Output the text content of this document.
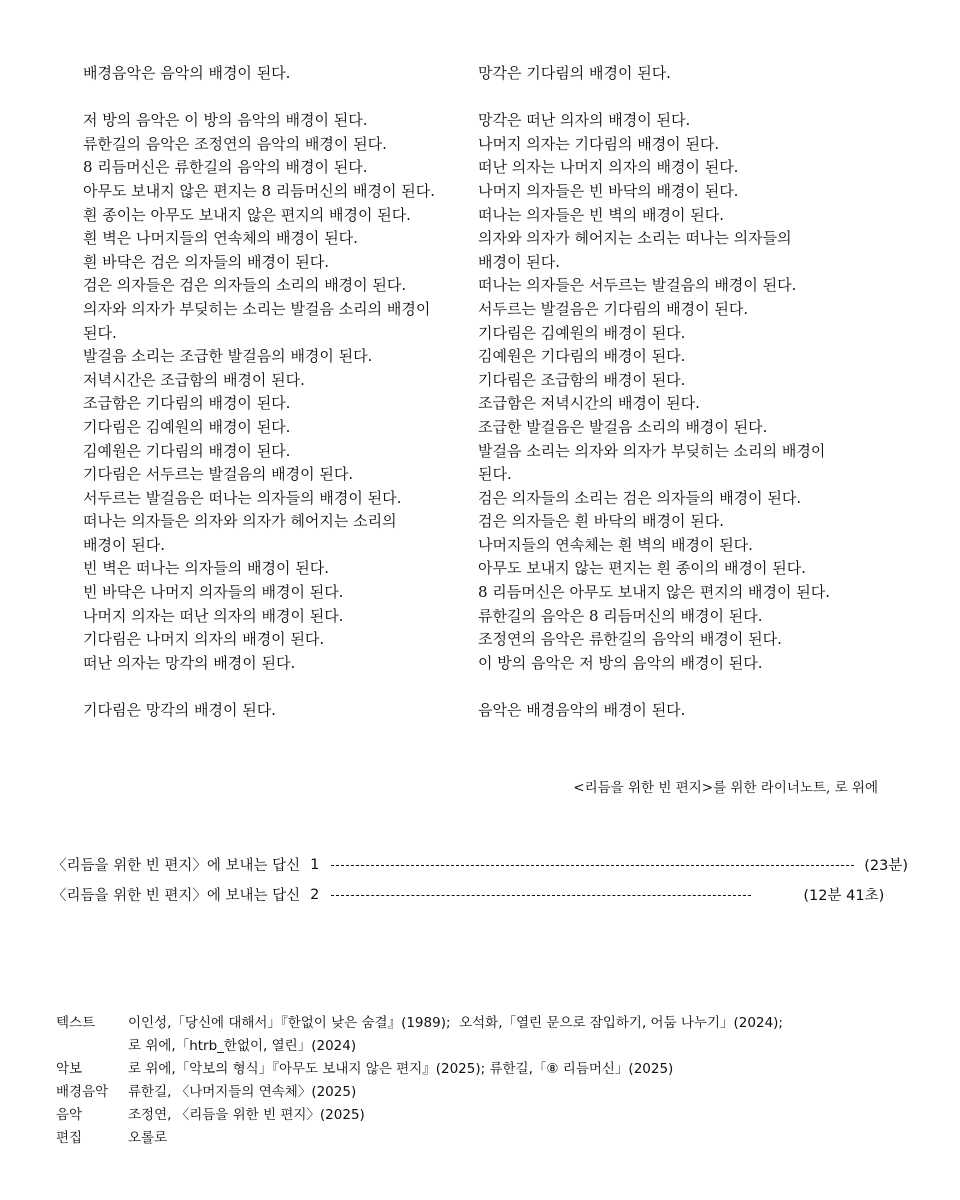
배경음악은 음악의 배경이 된다.
저 방의 음악은 이 방의 음악의 배경이 된다.
류한길의 음악은 조정연의 음악의 배경이 된다.
8 리듬머신은 류한길의 음악의 배경이 된다.
아무도 보내지 않은 편지는 8 리듬머신의 배경이 된다.
흰 종이는 아무도 보내지 않은 편지의 배경이 된다.
흰 벽은 나머지들의 연속체의 배경이 된다.
흰 바닥은 검은 의자들의 배경이 된다.
검은 의자들은 검은 의자들의 소리의 배경이 된다.
의자와 의자가 부딪히는 소리는 발걸음 소리의 배경이
된다.
발걸음 소리는 조급한 발걸음의 배경이 된다.
저녁시간은 조급함의 배경이 된다.
조급함은 기다림의 배경이 된다.
기다림은 김예원의 배경이 된다.
김예원은 기다림의 배경이 된다.
기다림은 서두르는 발걸음의 배경이 된다.
서두르는 발걸음은 떠나는 의자들의 배경이 된다.
떠나는 의자들은 의자와 의자가 헤어지는 소리의
배경이 된다.
빈 벽은 떠나는 의자들의 배경이 된다.
빈 바닥은 나머지 의자들의 배경이 된다.
나머지 의자는 떠난 의자의 배경이 된다.
기다림은 나머지 의자의 배경이 된다.
떠난 의자는 망각의 배경이 된다.
기다림은 망각의 배경이 된다.
망각은 기다림의 배경이 된다.
망각은 떠난 의자의 배경이 된다.
나머지 의자는 기다림의 배경이 된다.
떠난 의자는 나머지 의자의 배경이 된다.
나머지 의자들은 빈 바닥의 배경이 된다.
떠나는 의자들은 빈 벽의 배경이 된다.
의자와 의자가 헤어지는 소리는 떠나는 의자들의
배경이 된다.
떠나는 의자들은 서두르는 발걸음의 배경이 된다.
서두르는 발걸음은 기다림의 배경이 된다.
기다림은 김예원의 배경이 된다.
김예원은 기다림의 배경이 된다.
기다림은 조급함의 배경이 된다.
조급함은 저녁시간의 배경이 된다.
조급한 발걸음은 발걸음 소리의 배경이 된다.
발걸음 소리는 의자와 의자가 부딪히는 소리의 배경이
된다.
검은 의자들의 소리는 검은 의자들의 배경이 된다.
검은 의자들은 흰 바닥의 배경이 된다.
나머지들의 연속체는 흰 벽의 배경이 된다.
아무도 보내지 않는 편지는 흰 종이의 배경이 된다.
8 리듬머신은 아무도 보내지 않은 편지의 배경이 된다.
류한길의 음악은 8 리듬머신의 배경이 된다.
조정연의 음악은 류한길의 음악의 배경이 된다.
이 방의 음악은 저 방의 음악의 배경이 된다.
음악은 배경음악의 배경이 된다.
<리듬을 위한 빈 편지>를 위한 라이너노트, 로 위에
〈리듬을 위한 빈 편지〉에 보내는 답신 1	(23분)
〈리듬을 위한 빈 편지〉에 보내는 답신 2	(12분 41초)
텍스트	이인성,「당신에 대해서」『한없이 낮은 숨결』(1989);  오석화,「열린 문으로 잠입하기, 어둠 나누기」(2024);
로 위에,「htrb_한없이, 열린」(2024)
악보	로 위에,「악보의 형식」『아무도 보내지 않은 편지』(2025); 류한길,「⑧ 리듬머신」(2025)
배경음악	류한길, 〈나머지들의 연속체〉(2025)
음악	조정연, 〈리듬을 위한 빈 편지〉(2025)
편집	오롤로
